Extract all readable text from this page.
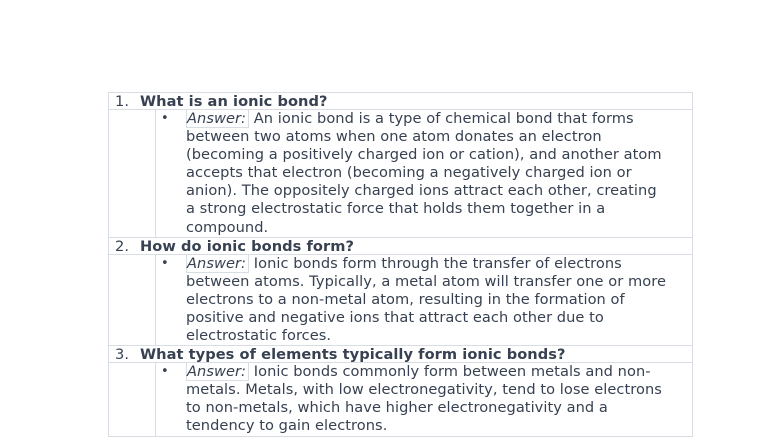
1. What is an ionic bond?
• Answer: An ionic bond is a type of chemical bond that forms
between two atoms when one atom donates an electron
(becoming a positively charged ion or cation), and another atom
accepts that electron (becoming a negatively charged ion or
anion). The oppositely charged ions attract each other, creating
a strong electrostatic force that holds them together in a
compound.
2. How do ionic bonds form?
• Answer: Ionic bonds form through the transfer of electrons
between atoms. Typically, a metal atom will transfer one or more
electrons to a non-metal atom, resulting in the formation of
positive and negative ions that attract each other due to
electrostatic forces.
3. What types of elements typically form ionic bonds?
• Answer: Ionic bonds commonly form between metals and non-
metals. Metals, with low electronegativity, tend to lose electrons
to non-metals, which have higher electronegativity and a
tendency to gain electrons.
